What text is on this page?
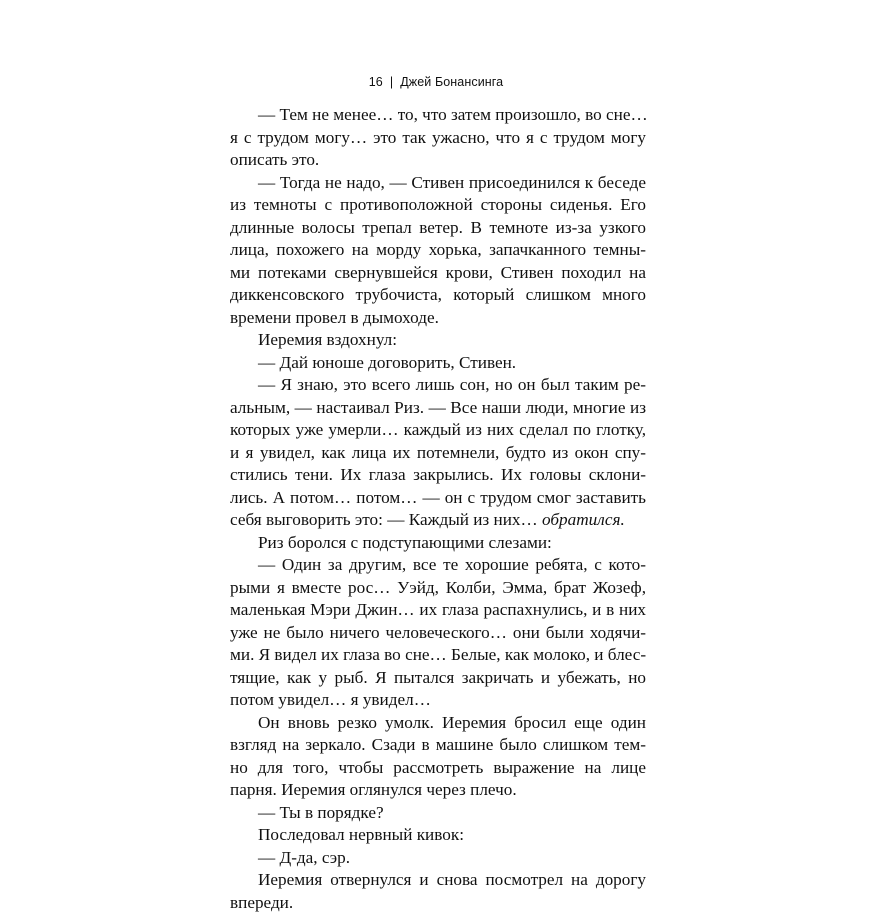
16 | Джей Бонансинга
— Тем не менее… то, что затем произошло, во сне…
я с трудом могу… это так ужасно, что я с трудом могу
описать это.
— Тогда не надо, — Стивен присоединился к беседе
из темноты с противоположной стороны сиденья. Его
длинные волосы трепал ветер. В темноте из-за узкого
лица, похожего на морду хорька, запачканного темны-
ми потеками свернувшейся крови, Стивен походил на
диккенсовского трубочиста, который слишком много
времени провел в дымоходе.
Иеремия вздохнул:
— Дай юноше договорить, Стивен.
— Я знаю, это всего лишь сон, но он был таким ре-
альным, — настаивал Риз. — Все наши люди, многие из
которых уже умерли… каждый из них сделал по глотку,
и я увидел, как лица их потемнели, будто из окон спу-
стились тени. Их глаза закрылись. Их головы склони-
лись. А потом… потом… — он с трудом смог заставить
себя выговорить это: — Каждый из них… обратился.
Риз боролся с подступающими слезами:
— Один за другим, все те хорошие ребята, с кото-
рыми я вместе рос… Уэйд, Колби, Эмма, брат Жозеф,
маленькая Мэри Джин… их глаза распахнулись, и в них
уже не было ничего человеческого… они были ходячи-
ми. Я видел их глаза во сне… Белые, как молоко, и блес-
тящие, как у рыб. Я пытался закричать и убежать, но
потом увидел… я увидел…
Он вновь резко умолк. Иеремия бросил еще один
взгляд на зеркало. Сзади в машине было слишком тем-
но для того, чтобы рассмотреть выражение на лице
парня. Иеремия оглянулся через плечо.
— Ты в порядке?
Последовал нервный кивок:
— Д-да, сэр.
Иеремия отвернулся и снова посмотрел на дорогу
впереди.
